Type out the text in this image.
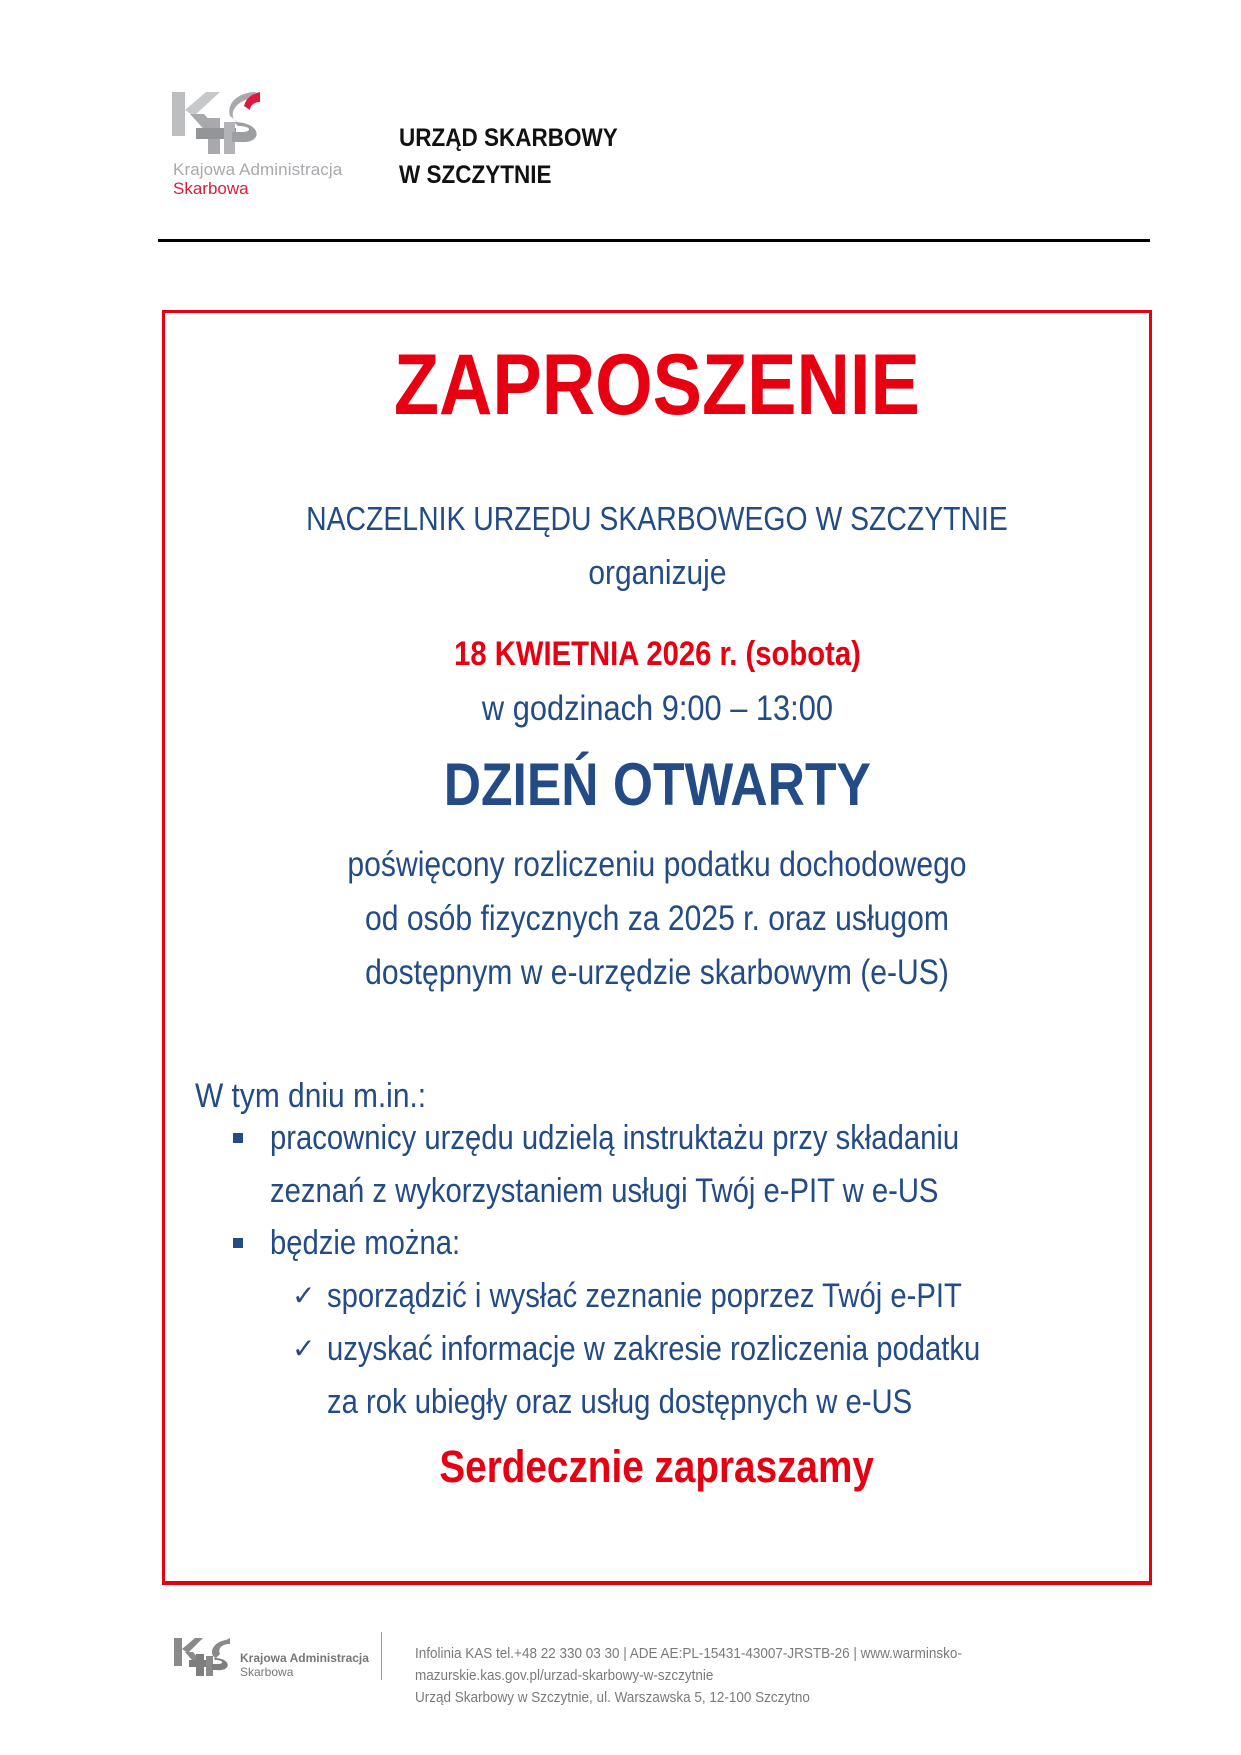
Krajowa Administracja
Skarbowa
URZĄD SKARBOWY
W SZCZYTNIE
ZAPROSZENIE
NACZELNIK URZĘDU SKARBOWEGO W SZCZYTNIE
organizuje
18 KWIETNIA 2026 r. (sobota)
w godzinach 9:00 – 13:00
DZIEŃ OTWARTY
poświęcony rozliczeniu podatku dochodowego
od osób fizycznych za 2025 r. oraz usługom
dostępnym w e-urzędzie skarbowym (e-US)
W tym dniu m.in.:
pracownicy urzędu udzielą instruktażu przy składaniu
zeznań z wykorzystaniem usługi Twój e-PIT w e-US
będzie można:
✓ sporządzić i wysłać zeznanie poprzez Twój e-PIT
✓ uzyskać informacje w zakresie rozliczenia podatku
za rok ubiegły oraz usług dostępnych w e-US
Serdecznie zapraszamy
Krajowa Administracja
Skarbowa
Infolinia KAS tel.+48 22 330 03 30 | ADE AE:PL-15431-43007-JRSTB-26 | www.warminsko-
mazurskie.kas.gov.pl/urzad-skarbowy-w-szczytnie
Urząd Skarbowy w Szczytnie, ul. Warszawska 5, 12-100 Szczytno
